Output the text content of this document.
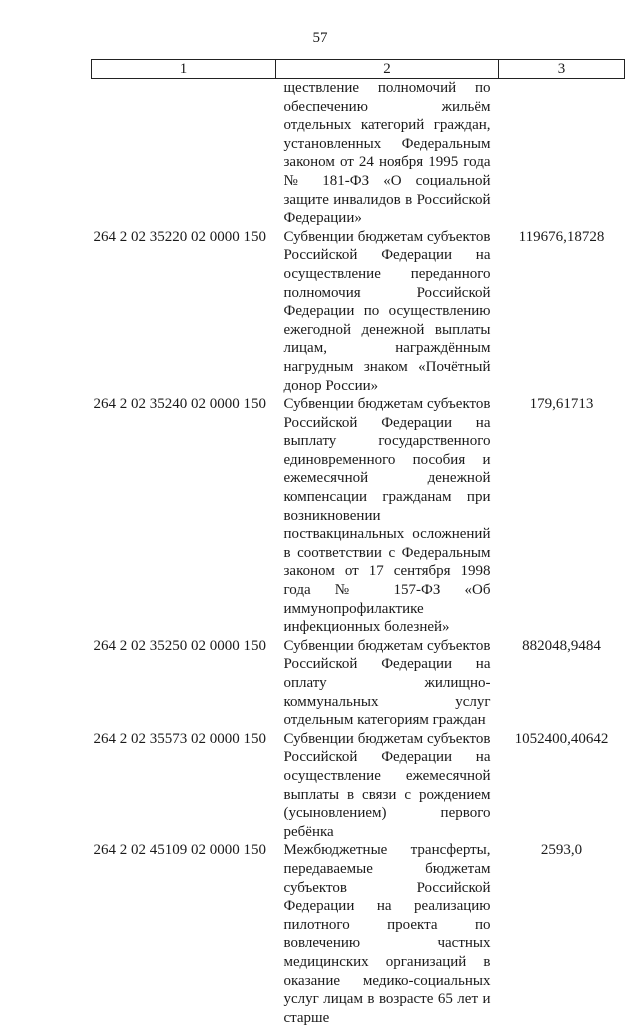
57
1	2	3
	ществление полномочий по обеспечению жильём отдельных категорий граждан, установленных Федеральным законом от 24 ноября 1995 года № 181-ФЗ «О социальной защите инвалидов в Российской Федерации»	
264 2 02 35220 02 0000 150	Субвенции бюджетам субъектов Российской Федерации на осуществление переданного полномочия Российской Федерации по осуществлению ежегодной денежной выплаты лицам, награждённым нагрудным знаком «Почётный донор России»	119676,18728
264 2 02 35240 02 0000 150	Субвенции бюджетам субъектов Российской Федерации на выплату государственного единовременного пособия и ежемесячной денежной компенсации гражданам при возникновении поствакцинальных осложнений в соответствии с Федеральным законом от 17 сентября 1998 года № 157-ФЗ «Об иммунопрофилактике инфекционных болезней»	179,61713
264 2 02 35250 02 0000 150	Субвенции бюджетам субъектов Российской Федерации на оплату жилищно-коммунальных услуг отдельным категориям граждан	882048,9484
264 2 02 35573 02 0000 150	Субвенции бюджетам субъектов Российской Федерации на осуществление ежемесячной выплаты в связи с рождением (усыновлением) первого ребёнка	1052400,40642
264 2 02 45109 02 0000 150	Межбюджетные трансферты, передаваемые бюджетам субъектов Российской Федерации на реализацию пилотного проекта по вовлечению частных медицинских организаций в оказание медико-социальных услуг лицам в возрасте 65 лет и старше	2593,0
